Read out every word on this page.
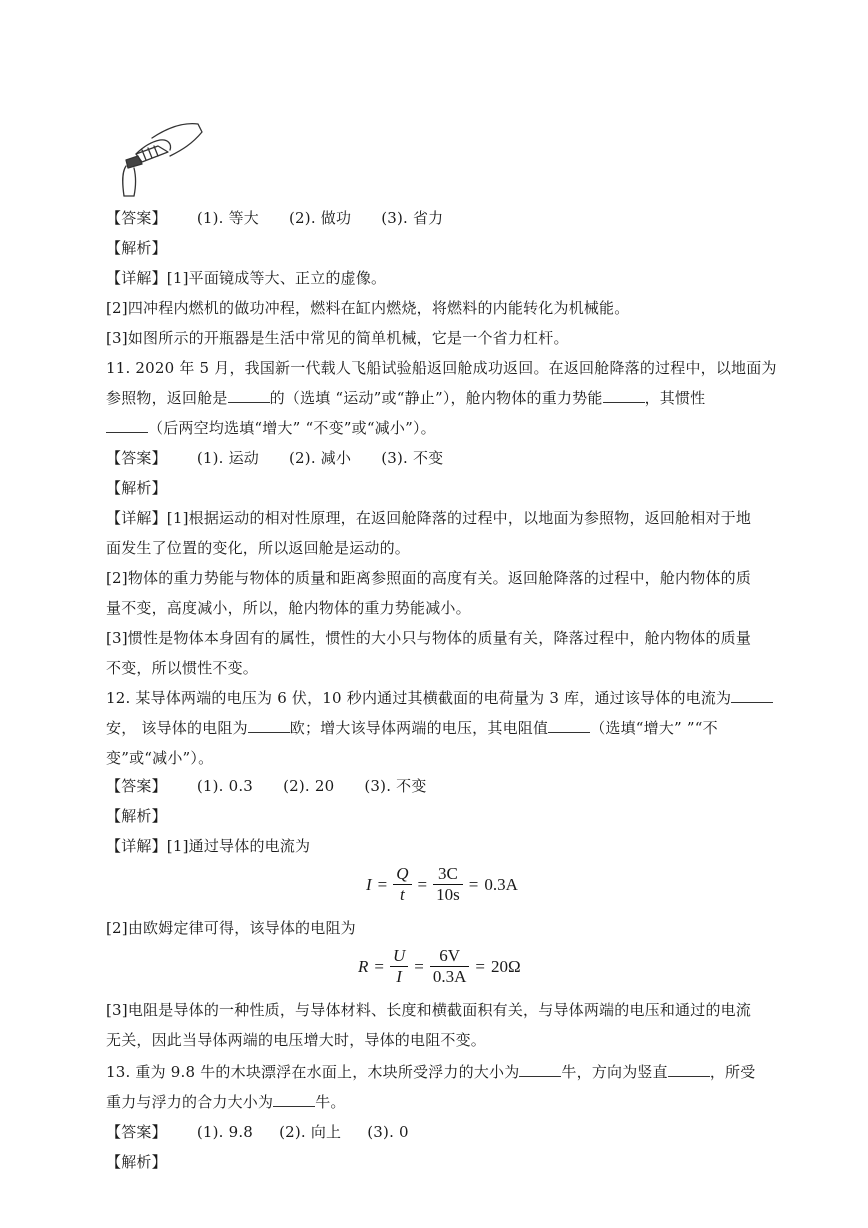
【答案】 (1). 等大 (2). 做功 (3). 省力
【解析】
【详解】[1]平面镜成等大、正立的虚像。
[2]四冲程内燃机的做功冲程，燃料在缸内燃烧，将燃料的内能转化为机械能。
[3]如图所示的开瓶器是生活中常见的简单机械，它是一个省力杠杆。
11. 2020 年 5 月，我国新一代载人飞船试验船返回舱成功返回。在返回舱降落的过程中，以地面为
参照物，返回舱是	的（选填 “运动”或“静止”），舱内物体的重力势能	，其惯性
（后两空均选填“增大” “不变”或“减小”）。
【答案】 (1). 运动 (2). 减小 (3). 不变
【解析】
【详解】[1]根据运动的相对性原理，在返回舱降落的过程中，以地面为参照物，返回舱相对于地
面发生了位置的变化，所以返回舱是运动的。
[2]物体的重力势能与物体的质量和距离参照面的高度有关。返回舱降落的过程中，舱内物体的质
量不变，高度减小，所以，舱内物体的重力势能减小。
[3]惯性是物体本身固有的属性，惯性的大小只与物体的质量有关，降落过程中，舱内物体的质量
不变，所以惯性不变。
12. 某导体两端的电压为 6 伏，10 秒内通过其横截面的电荷量为 3 库，通过该导体的电流为
安， 该导体的电阻为	欧；增大该导体两端的电压，其电阻值	（选填“增大” ”“不
变”或“减小”）。
【答案】 (1). 0.3 (2). 20 (3). 不变
【解析】
【详解】[1]通过导体的电流为
$I = \frac{Q}{t} = \frac{3C}{10s} = 0.3A$
[2]由欧姆定律可得，该导体的电阻为
$R = \frac{U}{I} = \frac{6V}{0.3A} = 20\Omega$
[3]电阻是导体的一种性质，与导体材料、长度和横截面积有关，与导体两端的电压和通过的电流
无关，因此当导体两端的电压增大时，导体的电阻不变。
13. 重为 9.8 牛的木块漂浮在水面上，木块所受浮力的大小为	牛，方向为竖直	，所受
重力与浮力的合力大小为	牛。
【答案】 (1). 9.8 (2). 向上 (3). 0
【解析】
